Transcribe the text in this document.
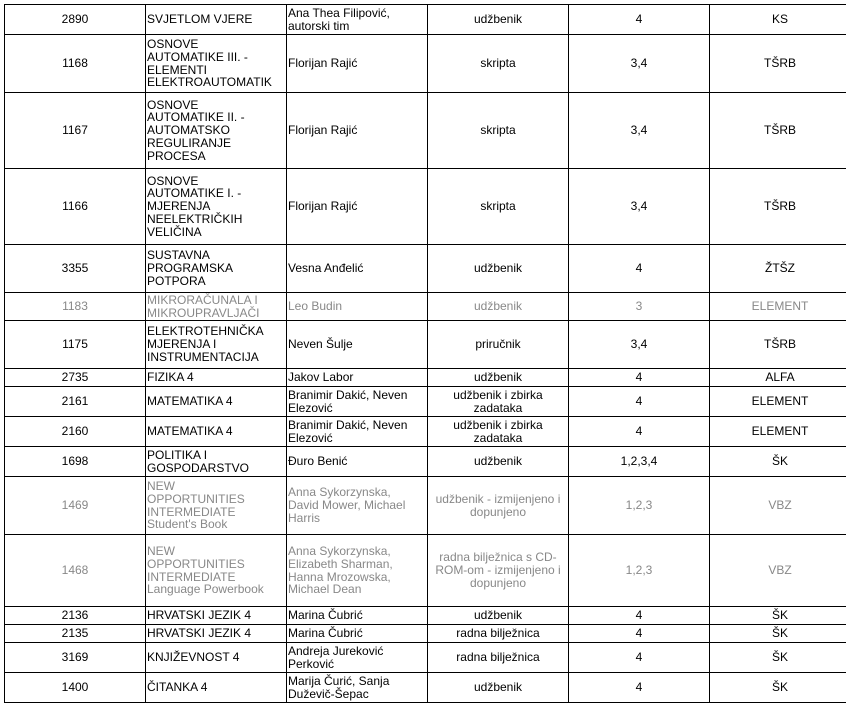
2890	SVJETLOM VJERE	Ana Thea Filipović,
autorski tim	udžbenik	4	KS
1168	OSNOVE
AUTOMATIKE III. -
ELEMENTI
ELEKTROAUTOMATIK	Florijan Rajić	skripta	3,4	TŠRB
1167	OSNOVE
AUTOMATIKE II. -
AUTOMATSKO
REGULIRANJE
PROCESA	Florijan Rajić	skripta	3,4	TŠRB
1166	OSNOVE
AUTOMATIKE I. -
MJERENJA
NEELEKTRIČKIH
VELIČINA	Florijan Rajić	skripta	3,4	TŠRB
3355	SUSTAVNA
PROGRAMSKA
POTPORA	Vesna Anđelić	udžbenik	4	ŽTŠZ
1183	MIKRORAČUNALA I
MIKROUPRAVLJAČI	Leo Budin	udžbenik	3	ELEMENT
1175	ELEKTROTEHNIČKA
MJERENJA I
INSTRUMENTACIJA	Neven Šulje	priručnik	3,4	TŠRB
2735	FIZIKA 4	Jakov Labor	udžbenik	4	ALFA
2161	MATEMATIKA 4	Branimir Dakić, Neven
Elezović	udžbenik i zbirka
zadataka	4	ELEMENT
2160	MATEMATIKA 4	Branimir Dakić, Neven
Elezović	udžbenik i zbirka
zadataka	4	ELEMENT
1698	POLITIKA I
GOSPODARSTVO	Đuro Benić	udžbenik	1,2,3,4	ŠK
1469	NEW
OPPORTUNITIES
INTERMEDIATE
Student's Book	Anna Sykorzynska,
David Mower, Michael
Harris	udžbenik - izmijenjeno i
dopunjeno	1,2,3	VBZ
1468	NEW
OPPORTUNITIES
INTERMEDIATE
Language Powerbook	Anna Sykorzynska,
Elizabeth Sharman,
Hanna Mrozowska,
Michael Dean	radna bilježnica s CD-
ROM-om - izmijenjeno i
dopunjeno	1,2,3	VBZ
2136	HRVATSKI JEZIK 4	Marina Čubrić	udžbenik	4	ŠK
2135	HRVATSKI JEZIK 4	Marina Čubrić	radna bilježnica	4	ŠK
3169	KNJIŽEVNOST 4	Andreja Jureković
Perković	radna bilježnica	4	ŠK
1400	ČITANKA 4	Marija Čurić, Sanja
Duževič-Šepac	udžbenik	4	ŠK
